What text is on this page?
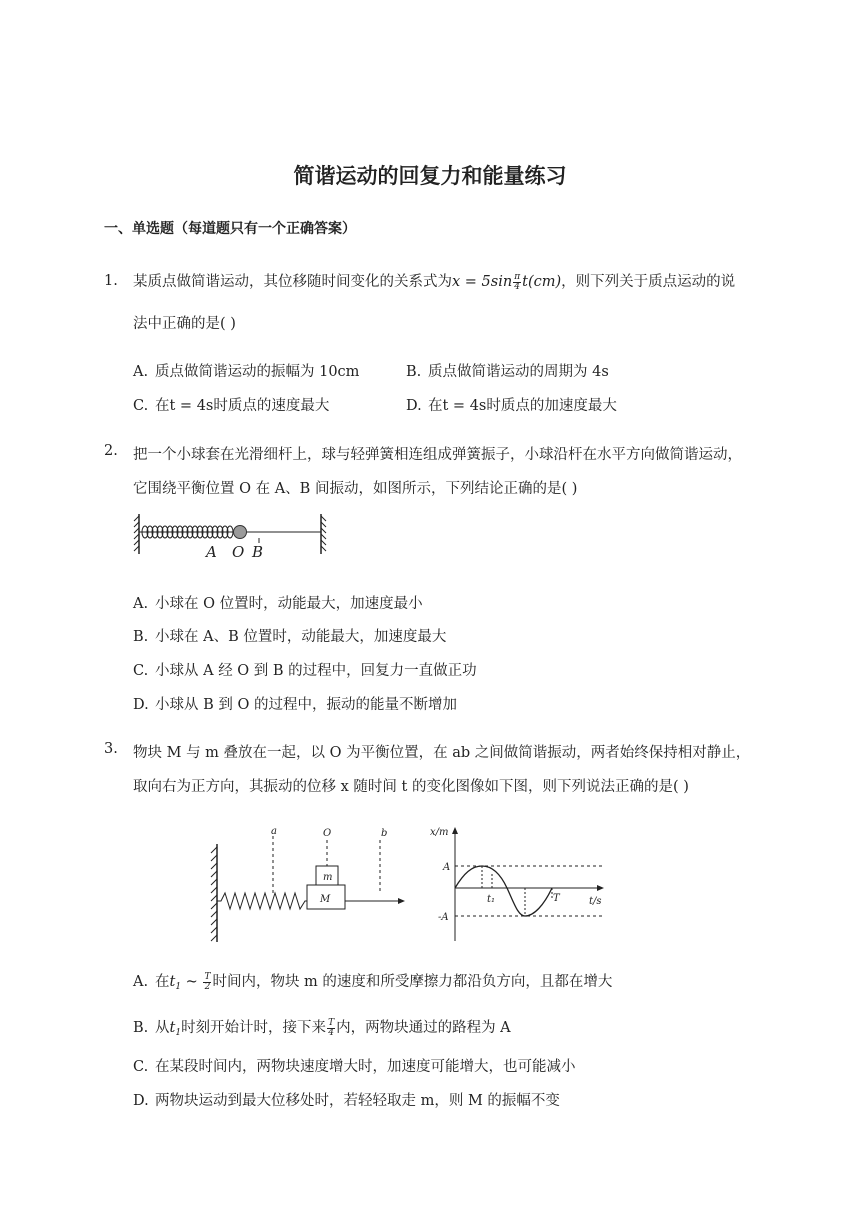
简谐运动的回复力和能量练习
一、单选题（每道题只有一个正确答案）
1. 某质点做简谐运动，其位移随时间变化的关系式为$x = 5\sin \frac{\pi}{4} t(cm)$，则下列关于质点运动的说
法中正确的是( )
A. 质点做简谐运动的振幅为 10cm	B. 质点做简谐运动的周期为 4s
C. 在t = 4s时质点的速度最大	D. 在t = 4s时质点的加速度最大
2. 把一个小球套在光滑细杆上，球与轻弹簧相连组成弹簧振子，小球沿杆在水平方向做简谐运动，
它围绕平衡位置 O 在 A、B 间振动，如图所示，下列结论正确的是( )
A O B
A. 小球在 O 位置时，动能最大，加速度最小
B. 小球在 A、B 位置时，动能最大，加速度最大
C. 小球从 A 经 O 到 B 的过程中，回复力一直做正功
D. 小球从 B 到 O 的过程中，振动的能量不断增加
3. 物块 M 与 m 叠放在一起，以 O 为平衡位置，在 ab 之间做简谐振动，两者始终保持相对静止，
取向右为正方向，其振动的位移 x 随时间 t 的变化图像如下图，则下列说法正确的是( )
a	O	b
m
M
x/m
A
-A
t₁	T	t/s
A. 在$t_1$ ~ $\frac{T}{2}$ 时间内，物块 m 的速度和所受摩擦力都沿负方向，且都在增大
B. 从$t_1$时刻开始计时，接下来 $\frac{T}{4}$ 内，两物块通过的路程为 A
C. 在某段时间内，两物块速度增大时，加速度可能增大，也可能减小
D. 两物块运动到最大位移处时，若轻轻取走 m，则 M 的振幅不变
